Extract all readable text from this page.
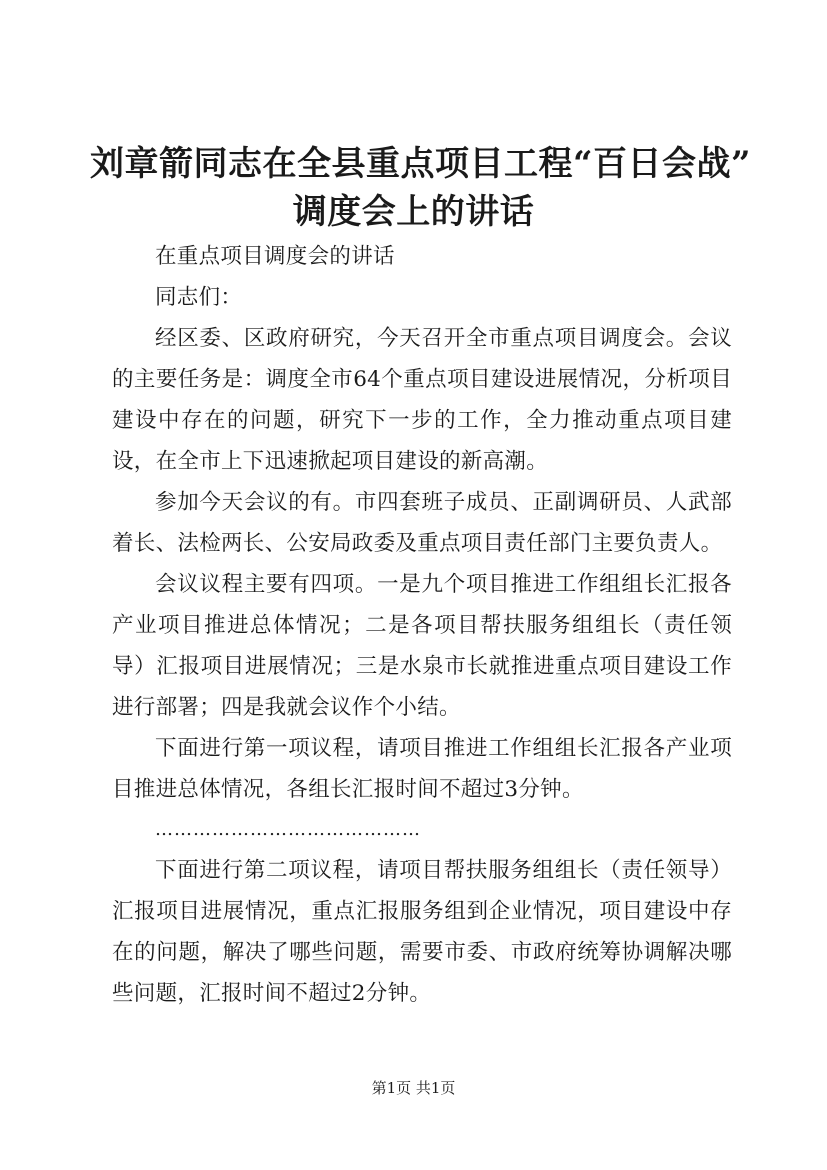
刘章箭同志在全县重点项目工程“百日会战”
调度会上的讲话

在重点项目调度会的讲话

同志们：

经区委、区政府研究，今天召开全市重点项目调度会。会议的主要任务是：调度全市64个重点项目建设进展情况，分析项目建设中存在的问题，研究下一步的工作，全力推动重点项目建设，在全市上下迅速掀起项目建设的新高潮。

参加今天会议的有。市四套班子成员、正副调研员、人武部着长、法检两长、公安局政委及重点项目责任部门主要负责人。

会议议程主要有四项。一是九个项目推进工作组组长汇报各产业项目推进总体情况；二是各项目帮扶服务组组长（责任领导）汇报项目进展情况；三是水泉市长就推进重点项目建设工作进行部署；四是我就会议作个小结。

下面进行第一项议程，请项目推进工作组组长汇报各产业项目推进总体情况，各组长汇报时间不超过3分钟。

……………………………………

下面进行第二项议程，请项目帮扶服务组组长（责任领导）汇报项目进展情况，重点汇报服务组到企业情况，项目建设中存在的问题，解决了哪些问题，需要市委、市政府统筹协调解决哪些问题，汇报时间不超过2分钟。

第1页 共1页
